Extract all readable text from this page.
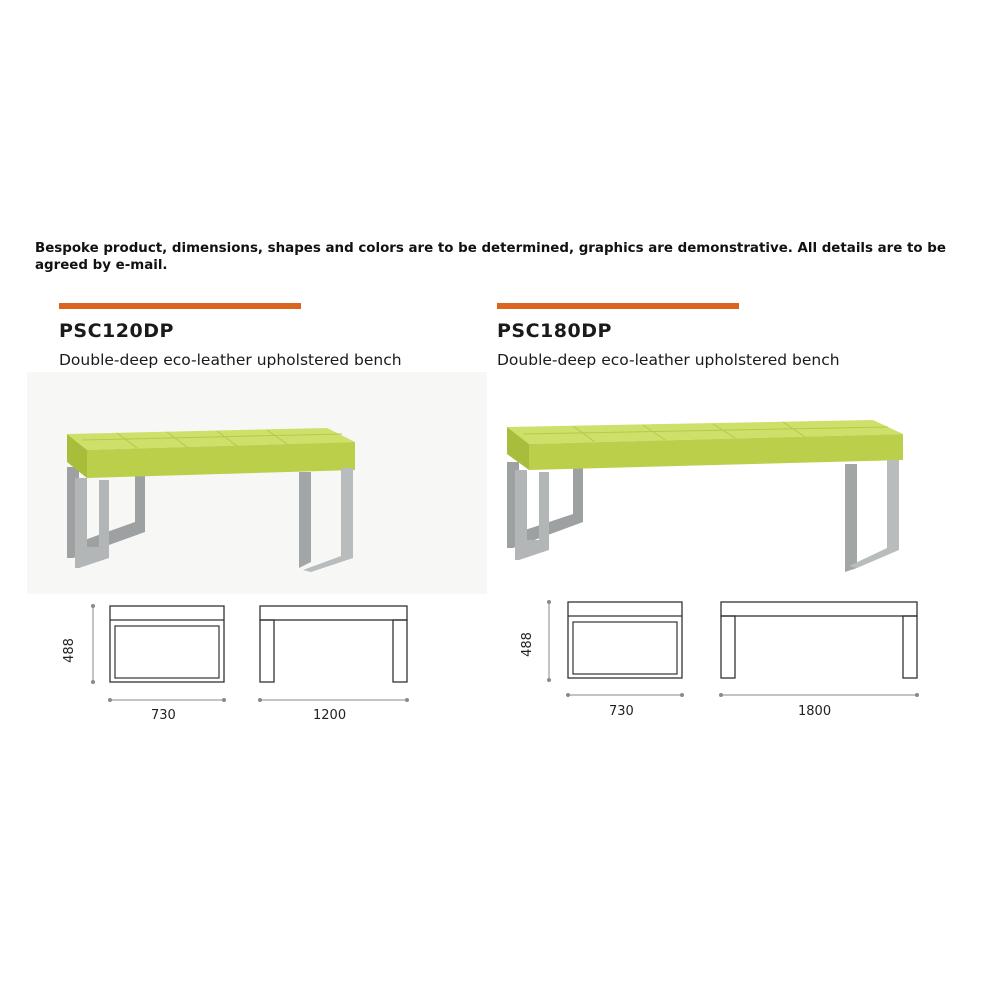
Bespoke product, dimensions, shapes and colors are to be determined, graphics are demonstrative. All details are to be agreed by e-mail.
PSC120DP
Double-deep eco-leather upholstered bench
488
730	1200
PSC180DP
Double-deep eco-leather upholstered bench
488
730	1800
